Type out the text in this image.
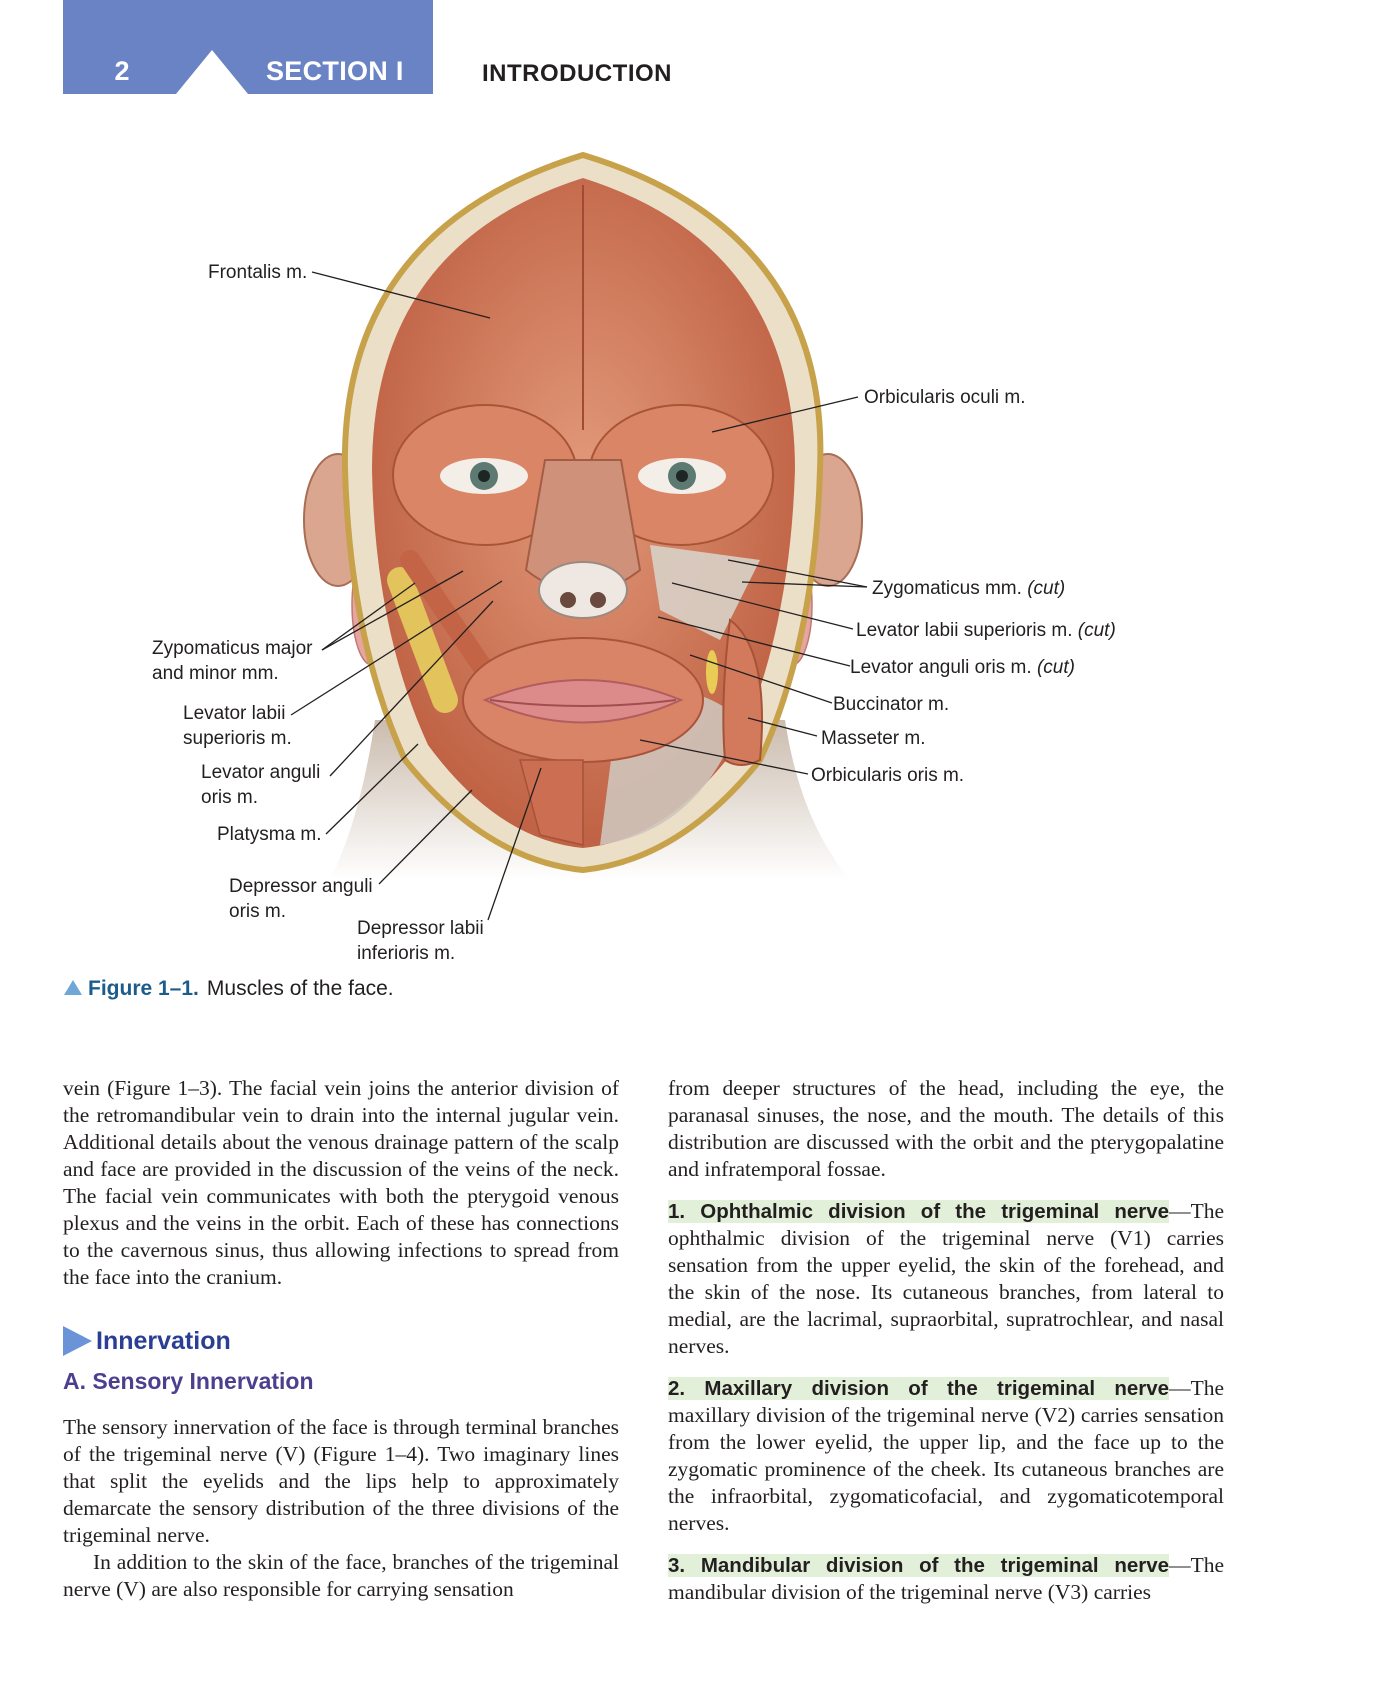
2	SECTION I	INTRODUCTION
Frontalis m.
Orbicularis oculi m.
Zygomaticus mm. (cut)
Levator labii superioris m. (cut)
Levator anguli oris m. (cut)
Buccinator m.
Masseter m.
Orbicularis oris m.
Zypomaticus major
and minor mm.
Levator labii
superioris m.
Levator anguli
oris m.
Platysma m.
Depressor anguli
oris m.
Depressor labii
inferioris m.
Figure 1–1. Muscles of the face.

vein (Figure 1–3). The facial vein joins the anterior division of the retromandibular vein to drain into the internal jugular vein. Additional details about the venous drainage pattern of the scalp and face are provided in the discussion of the veins of the neck. The facial vein communicates with both the pterygoid venous plexus and the veins in the orbit. Each of these has connections to the cavernous sinus, thus allowing infections to spread from the face into the cranium.

Innervation
A. Sensory Innervation

The sensory innervation of the face is through terminal branches of the trigeminal nerve (V) (Figure 1–4). Two imaginary lines that split the eyelids and the lips help to approximately demarcate the sensory distribution of the three divisions of the trigeminal nerve.

In addition to the skin of the face, branches of the trigeminal nerve (V) are also responsible for carrying sensation

from deeper structures of the head, including the eye, the paranasal sinuses, the nose, and the mouth. The details of this distribution are discussed with the orbit and the pterygopalatine and infratemporal fossae.

1. Ophthalmic division of the trigeminal nerve—The ophthalmic division of the trigeminal nerve (V1) carries sensation from the upper eyelid, the skin of the forehead, and the skin of the nose. Its cutaneous branches, from lateral to medial, are the lacrimal, supraorbital, supratrochlear, and nasal nerves.

2. Maxillary division of the trigeminal nerve—The maxillary division of the trigeminal nerve (V2) carries sensation from the lower eyelid, the upper lip, and the face up to the zygomatic prominence of the cheek. Its cutaneous branches are the infraorbital, zygomaticofacial, and zygomaticotemporal nerves.

3. Mandibular division of the trigeminal nerve—The mandibular division of the trigeminal nerve (V3) carries
